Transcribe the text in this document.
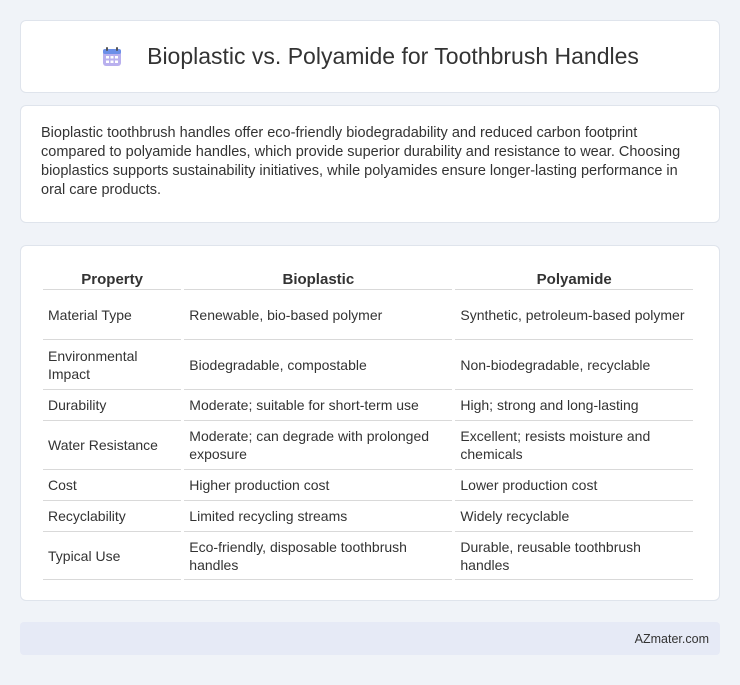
Bioplastic vs. Polyamide for Toothbrush Handles

Bioplastic toothbrush handles offer eco-friendly biodegradability and reduced carbon footprint compared to polyamide handles, which provide superior durability and resistance to wear. Choosing bioplastics supports sustainability initiatives, while polyamides ensure longer-lasting performance in oral care products.

Property	Bioplastic	Polyamide
Material Type	Renewable, bio-based polymer	Synthetic, petroleum-based polymer
Environmental Impact	Biodegradable, compostable	Non-biodegradable, recyclable
Durability	Moderate; suitable for short-term use	High; strong and long-lasting
Water Resistance	Moderate; can degrade with prolonged exposure	Excellent; resists moisture and chemicals
Cost	Higher production cost	Lower production cost
Recyclability	Limited recycling streams	Widely recyclable
Typical Use	Eco-friendly, disposable toothbrush handles	Durable, reusable toothbrush handles
AZmater.com
